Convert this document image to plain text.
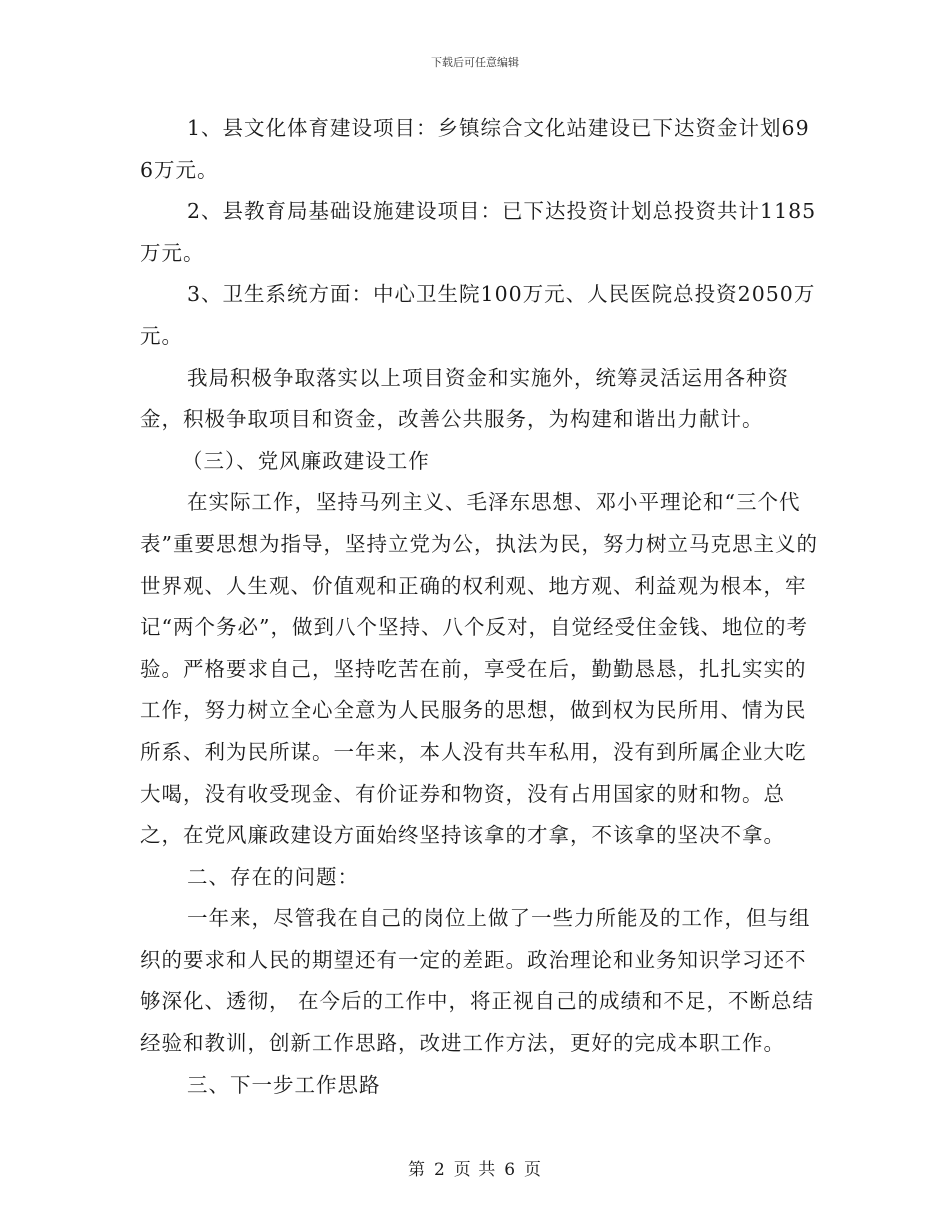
下载后可任意编辑

1、县文化体育建设项目：乡镇综合文化站建设已下达资金计划696万元。

2、县教育局基础设施建设项目：已下达投资计划总投资共计1185万元。

3、卫生系统方面：中心卫生院100万元、人民医院总投资2050万元。

我局积极争取落实以上项目资金和实施外，统筹灵活运用各种资金，积极争取项目和资金，改善公共服务，为构建和谐出力献计。

（三）、党风廉政建设工作

在实际工作，坚持马列主义、毛泽东思想、邓小平理论和“三个代表”重要思想为指导，坚持立党为公，执法为民，努力树立马克思主义的世界观、人生观、价值观和正确的权利观、地方观、利益观为根本，牢记“两个务必”，做到八个坚持、八个反对，自觉经受住金钱、地位的考验。严格要求自己，坚持吃苦在前，享受在后，勤勤恳恳，扎扎实实的工作，努力树立全心全意为人民服务的思想，做到权为民所用、情为民所系、利为民所谋。一年来，本人没有共车私用，没有到所属企业大吃大喝，没有收受现金、有价证券和物资，没有占用国家的财和物。总之，在党风廉政建设方面始终坚持该拿的才拿，不该拿的坚决不拿。

二、存在的问题：

一年来，尽管我在自己的岗位上做了一些力所能及的工作，但与组织的要求和人民的期望还有一定的差距。政治理论和业务知识学习还不够深化、透彻， 在今后的工作中，将正视自己的成绩和不足，不断总结经验和教训，创新工作思路，改进工作方法，更好的完成本职工作。

三、下一步工作思路

第 2 页 共 6 页
